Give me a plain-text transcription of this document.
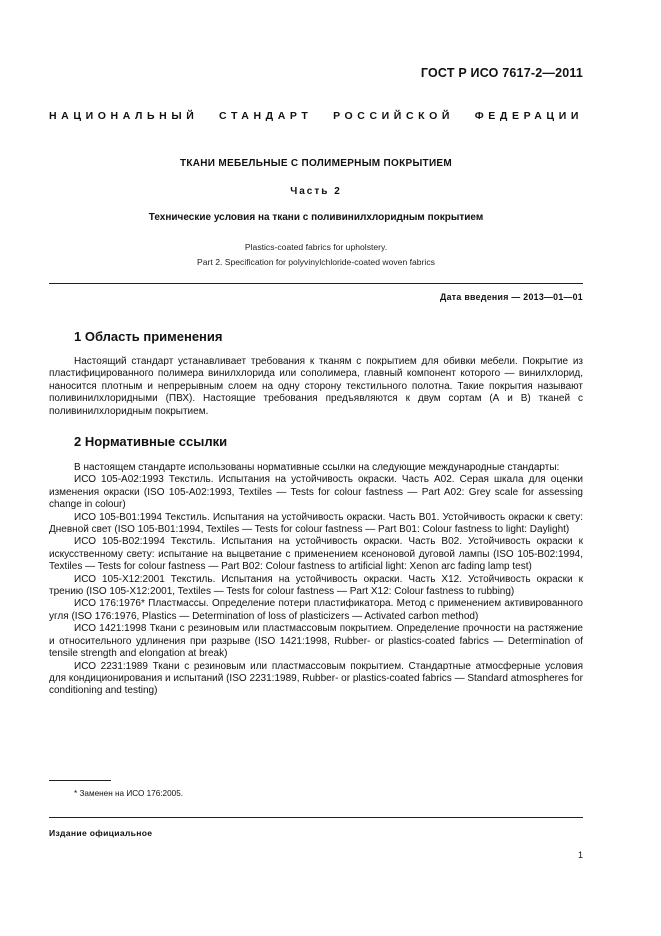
ГОСТ Р ИСО 7617-2—2011
НАЦИОНАЛЬНЫЙ СТАНДАРТ РОССИЙСКОЙ ФЕДЕРАЦИИ
ТКАНИ МЕБЕЛЬНЫЕ С ПОЛИМЕРНЫМ ПОКРЫТИЕМ
Часть 2
Технические условия на ткани с поливинилхлоридным покрытием
Plastics-coated fabrics for upholstery.
Part 2. Specification for polyvinylchloride-coated woven fabrics
Дата введения — 2013—01—01
1 Область применения

Настоящий стандарт устанавливает требования к тканям с покрытием для обивки мебели. Покрытие из пластифицированного полимера винилхлорида или сополимера, главный компонент которого — винилхлорид, наносится плотным и непрерывным слоем на одну сторону текстильного полотна. Такие покрытия называют поливинилхлоридными (ПВХ). Настоящие требования предъявляются к двум сортам (А и В) тканей с поливинилхлоридным покрытием.

2 Нормативные ссылки

В настоящем стандарте использованы нормативные ссылки на следующие международные стандарты:

ИСО 105-A02:1993 Текстиль. Испытания на устойчивость окраски. Часть A02. Серая шкала для оценки изменения окраски (ISO 105-A02:1993, Textiles — Tests for colour fastness — Part A02: Grey scale for assessing change in colour)

ИСО 105-B01:1994 Текстиль. Испытания на устойчивость окраски. Часть B01. Устойчивость окраски к свету: Дневной свет (ISO 105-B01:1994, Textiles — Tests for colour fastness — Part B01: Colour fastness to light: Daylight)

ИСО 105-B02:1994 Текстиль. Испытания на устойчивость окраски. Часть B02. Устойчивость окраски к искусственному свету: испытание на выцветание с применением ксеноновой дуговой лампы (ISO 105-B02:1994, Textiles — Tests for colour fastness — Part B02: Colour fastness to artificial light: Xenon arc fading lamp test)

ИСО 105-X12:2001 Текстиль. Испытания на устойчивость окраски. Часть X12. Устойчивость окраски к трению (ISO 105-X12:2001, Textiles — Tests for colour fastness — Part X12: Colour fastness to rubbing)

ИСО 176:1976* Пластмассы. Определение потери пластификатора. Метод с применением активированного угля (ISO 176:1976, Plastics — Determination of loss of plasticizers — Activated carbon method)

ИСО 1421:1998 Ткани с резиновым или пластмассовым покрытием. Определение прочности на растяжение и относительного удлинения при разрыве (ISO 1421:1998, Rubber- or plastics-coated fabrics — Determination of tensile strength and elongation at break)

ИСО 2231:1989 Ткани с резиновым или пластмассовым покрытием. Стандартные атмосферные условия для кондиционирования и испытаний (ISO 2231:1989, Rubber- or plastics-coated fabrics — Standard atmospheres for conditioning and testing)

* Заменен на ИСО 176:2005.
Издание официальное
1
